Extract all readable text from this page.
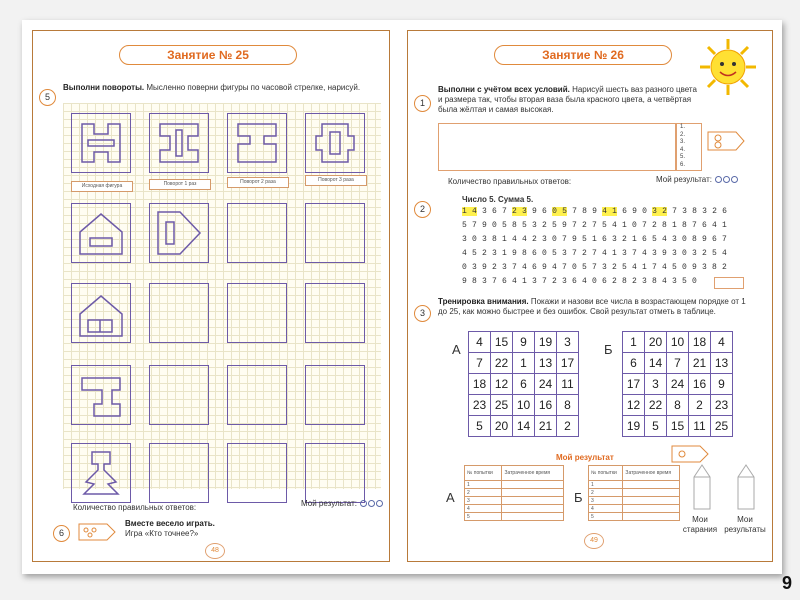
Занятие № 25
5
Выполни повороты. Мысленно поверни фигуры по часовой стрелке, нарисуй.
Исходная фигура	Поворот 1 раз	Поворот 2 раза	Поворот 3 раза
Количество правильных ответов:	Мой результат:
6
Вместе весело играть.
Игра «Кто точнее?»
48
Занятие № 26
1
Выполни с учётом всех условий. Нарисуй шесть ваз разного цвета и размера так, чтобы вторая ваза была красного цвета, а четвёртая была жёлтая и самая высокая.
1.
2.
3.
4.
5.
6.
Количество правильных ответов:	Мой результат:
2
Число 5. Сумма 5.
1 4 3 6 7 2 3 9 6 0 5 7 8 9 4 1 6 9 0 3 2 7 3 8 3 2 6
5 7 9 0 5 8 5 3 2 5 9 7 2 7 5 4 1 0 7 2 8 1 8 7 6 4 1
3 0 3 8 1 4 4 2 3 0 7 9 5 1 6 3 2 1 6 5 4 3 0 8 9 6 7
4 5 2 3 1 9 8 6 0 5 3 7 2 7 4 1 3 7 4 3 9 3 0 3 2 5 4
0 3 9 2 3 7 4 6 9 4 7 0 5 7 3 2 5 4 1 7 4 5 0 9 3 8 2
9 8 3 7 6 4 1 3 7 2 3 6 4 0 6 2 8 2 3 8 4 3 5 0
3
Тренировка внимания. Покажи и назови все числа в возрастающем порядке от 1 до 25, как можно быстрее и без ошибок. Свой результат отметь в таблице.
А 4	15	9	19	3
7	22	1	13	17
18	12	6	24	11
23	25	10	16	8
5	20	14	21	2
Б 1	20	10	18	4
6	14	7	21	13
17	3	24	16	9
12	22	8	2	23
19	5	15	11	25
Мой результат
А
№ попытки	Затраченное время
1	
2	
3	
4	
5	
Б
№ попытки	Затраченное время
1	
2	
3	
4	
5		Мои старания
Мои результаты
49
9
